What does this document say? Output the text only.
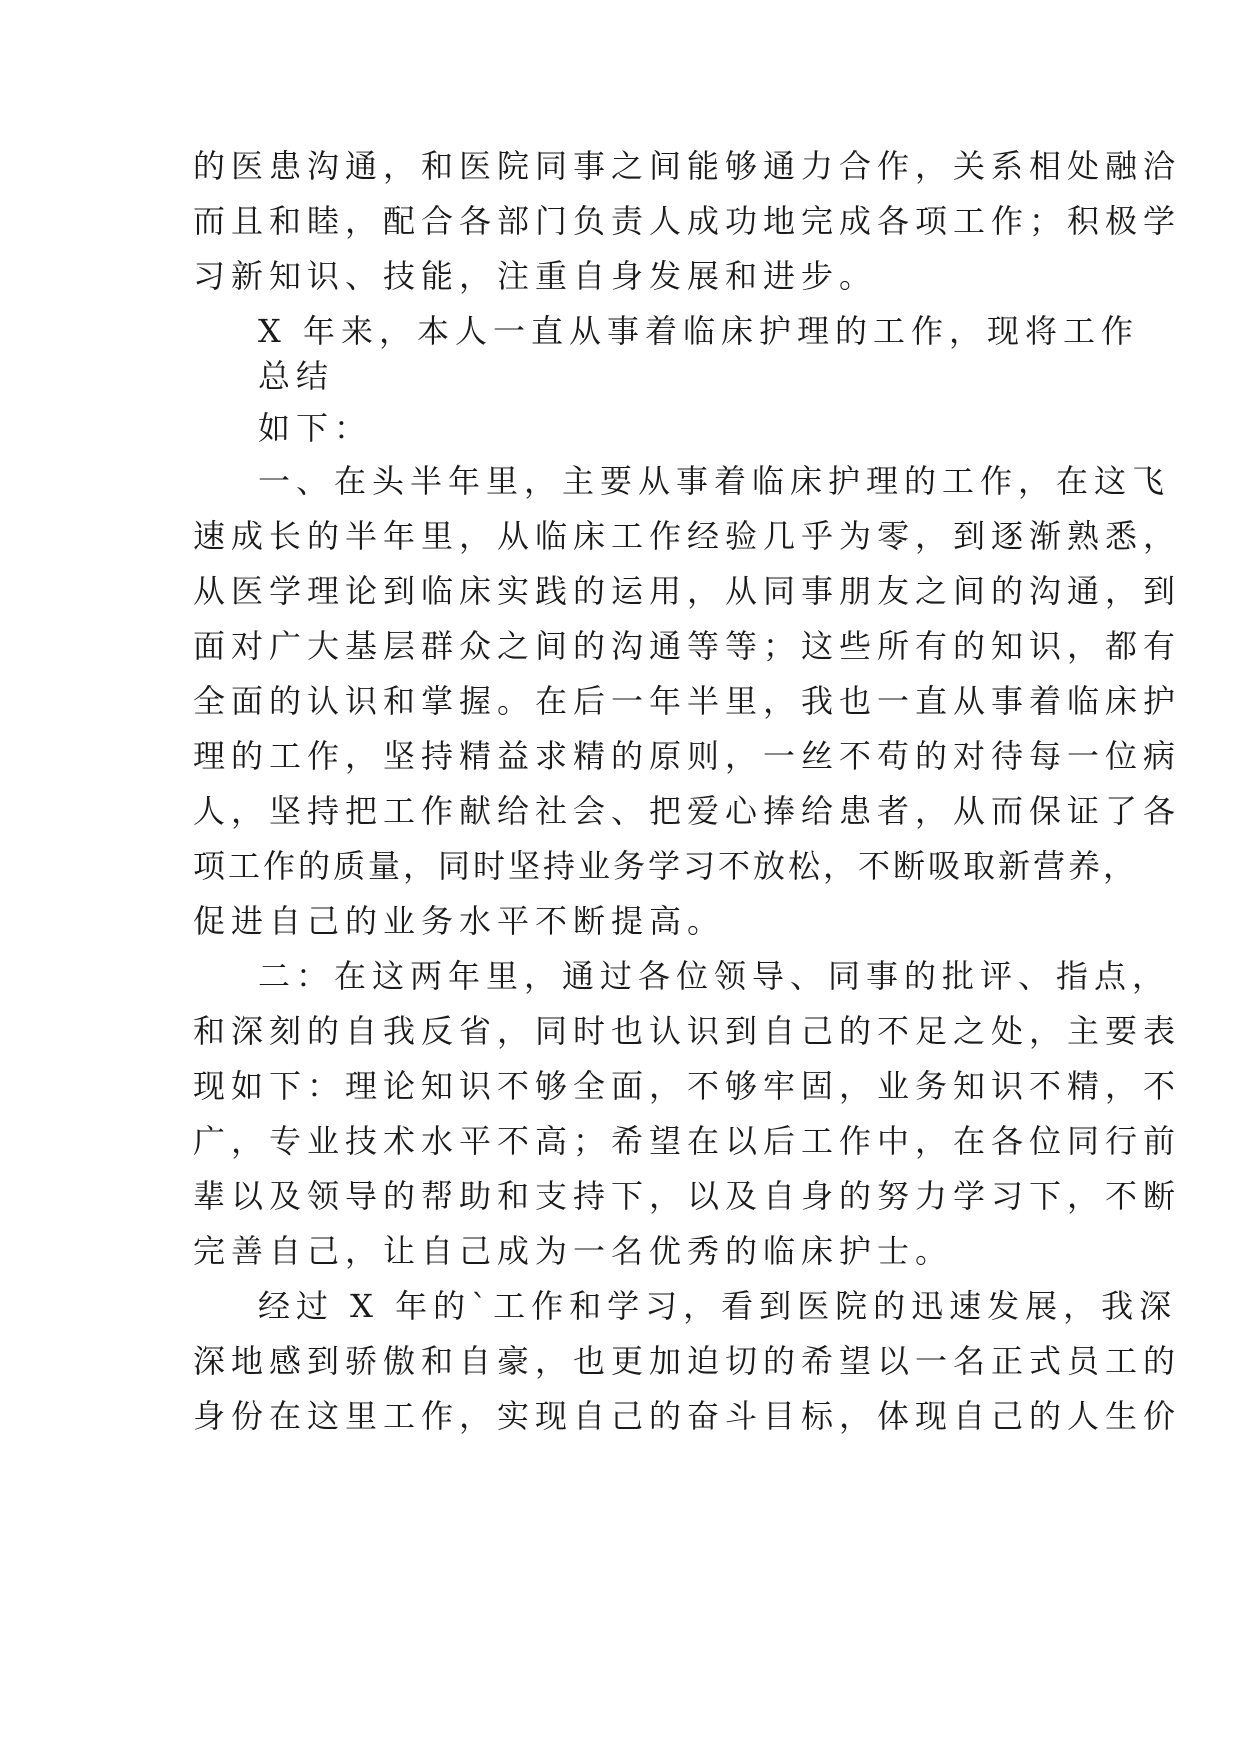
的医患沟通，和医院同事之间能够通力合作，关系相处融洽
而且和睦，配合各部门负责人成功地完成各项工作；积极学
习新知识、技能，注重自身发展和进步。
X 年来，本人一直从事着临床护理的工作，现将工作
总结
如下：
一、在头半年里，主要从事着临床护理的工作，在这飞
速成长的半年里，从临床工作经验几乎为零，到逐渐熟悉，
从医学理论到临床实践的运用，从同事朋友之间的沟通，到
面对广大基层群众之间的沟通等等；这些所有的知识，都有
全面的认识和掌握。在后一年半里，我也一直从事着临床护
理的工作，坚持精益求精的原则，一丝不苟的对待每一位病
人，坚持把工作献给社会、把爱心捧给患者，从而保证了各
项工作的质量，同时坚持业务学习不放松，不断吸取新营养，
促进自己的业务水平不断提高。
二：在这两年里，通过各位领导、同事的批评、指点，
和深刻的自我反省，同时也认识到自己的不足之处，主要表
现如下：理论知识不够全面，不够牢固，业务知识不精，不
广，专业技术水平不高；希望在以后工作中，在各位同行前
辈以及领导的帮助和支持下，以及自身的努力学习下，不断
完善自己，让自己成为一名优秀的临床护士。
经过 X 年的`工作和学习，看到医院的迅速发展，我深
深地感到骄傲和自豪，也更加迫切的希望以一名正式员工的
身份在这里工作，实现自己的奋斗目标，体现自己的人生价
